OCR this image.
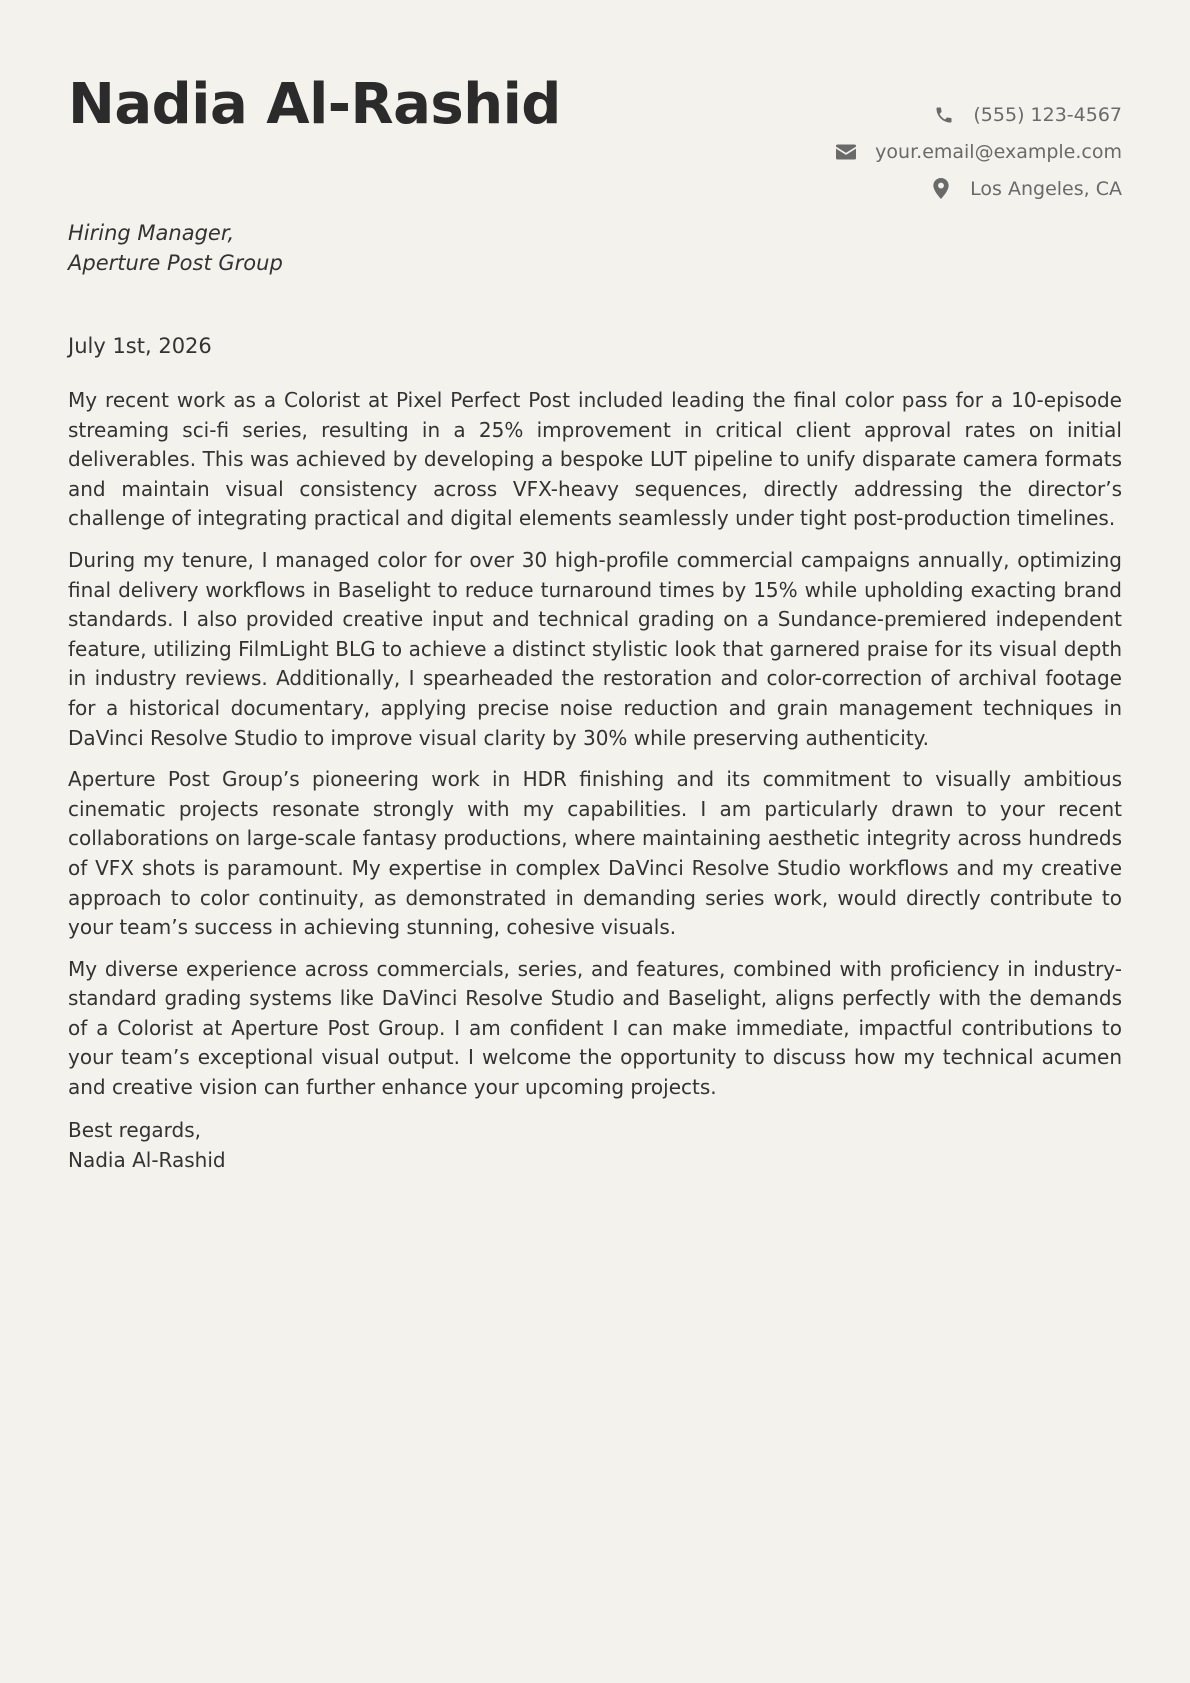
Nadia Al-Rashid	(555) 123-4567
your.email@example.com
Los Angeles, CA
Hiring Manager,
Aperture Post Group
July 1st, 2026

My recent work as a Colorist at Pixel Perfect Post included leading the final color pass for a 10-episode streaming sci-fi series, resulting in a 25% improvement in critical client approval rates on initial deliverables. This was achieved by developing a bespoke LUT pipeline to unify disparate camera formats and maintain visual consistency across VFX-heavy sequences, directly addressing the director’s challenge of integrating practical and digital elements seamlessly under tight post-production timelines.

During my tenure, I managed color for over 30 high-profile commercial campaigns annually, optimizing final delivery workflows in Baselight to reduce turnaround times by 15% while upholding exacting brand standards. I also provided creative input and technical grading on a Sundance-premiered independent feature, utilizing FilmLight BLG to achieve a distinct stylistic look that garnered praise for its visual depth in industry reviews. Additionally, I spearheaded the restoration and color-correction of archival footage for a historical documentary, applying precise noise reduction and grain management techniques in DaVinci Resolve Studio to improve visual clarity by 30% while preserving authenticity.

Aperture Post Group’s pioneering work in HDR finishing and its commitment to visually ambitious cinematic projects resonate strongly with my capabilities. I am particularly drawn to your recent collaborations on large-scale fantasy productions, where maintaining aesthetic integrity across hundreds of VFX shots is paramount. My expertise in complex DaVinci Resolve Studio workflows and my creative approach to color continuity, as demonstrated in demanding series work, would directly contribute to your team’s success in achieving stunning, cohesive visuals.

My diverse experience across commercials, series, and features, combined with proficiency in industry-standard grading systems like DaVinci Resolve Studio and Baselight, aligns perfectly with the demands of a Colorist at Aperture Post Group. I am confident I can make immediate, impactful contributions to your team’s exceptional visual output. I welcome the opportunity to discuss how my technical acumen and creative vision can further enhance your upcoming projects.

Best regards,
Nadia Al-Rashid
